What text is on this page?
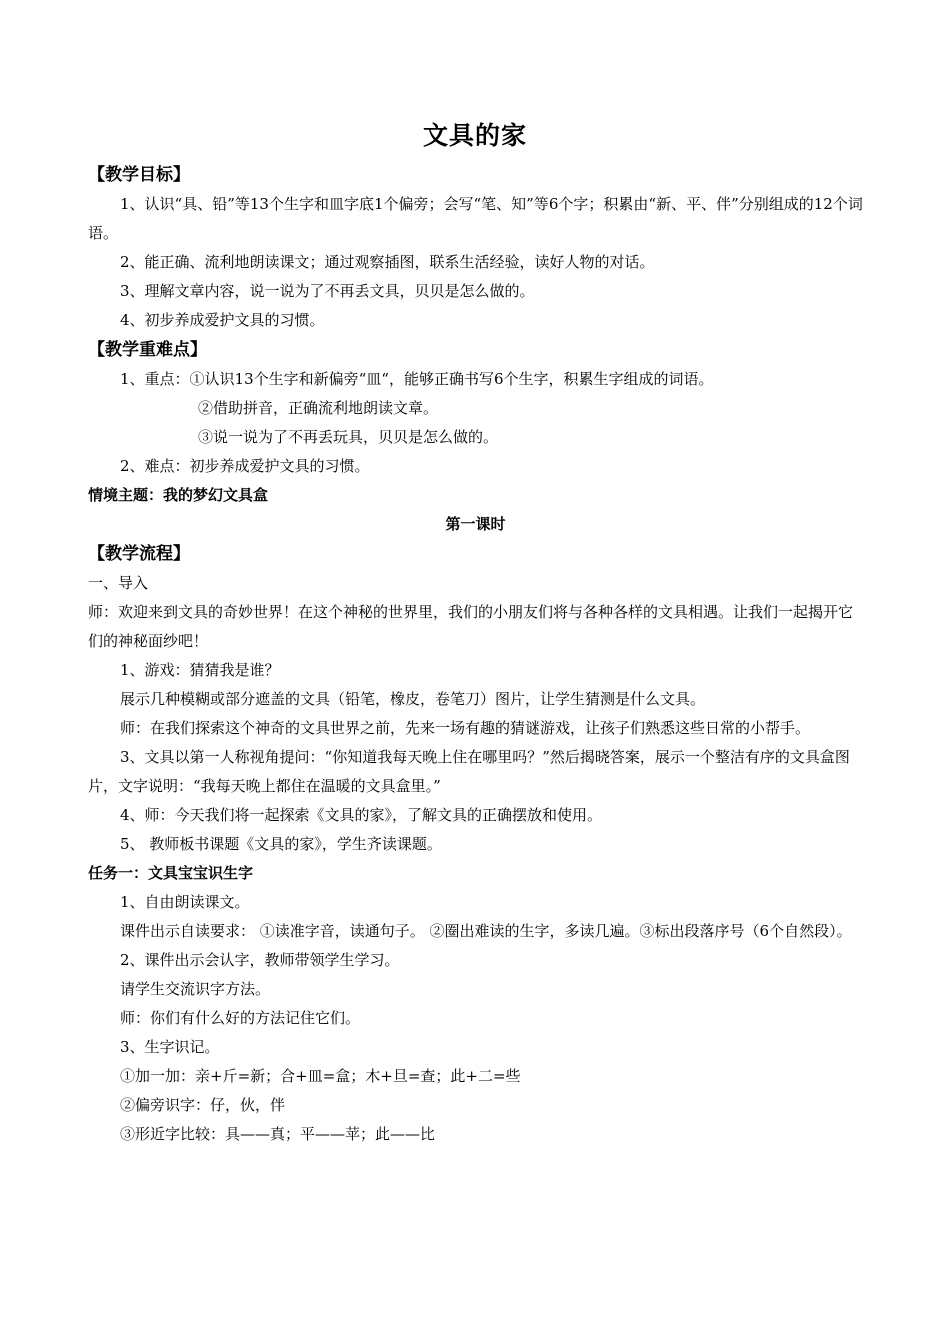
文具的家

【教学目标】

1、认识“具、铅”等13个生字和皿字底1个偏旁；会写“笔、知”等6个字；积累由“新、平、伴”分别组成的12个词语。

2、能正确、流利地朗读课文；通过观察插图，联系生活经验，读好人物的对话。

3、理解文章内容，说一说为了不再丢文具，贝贝是怎么做的。

4、初步养成爱护文具的习惯。

【教学重难点】

1、重点：①认识13个生字和新偏旁“皿“，能够正确书写6个生字，积累生字组成的词语。

②借助拼音，正确流利地朗读文章。

③说一说为了不再丢玩具，贝贝是怎么做的。

2、难点：初步养成爱护文具的习惯。

情境主题：我的梦幻文具盒

第一课时

【教学流程】

一、导入

师：欢迎来到文具的奇妙世界！在这个神秘的世界里，我们的小朋友们将与各种各样的文具相遇。让我们一起揭开它们的神秘面纱吧！

1、游戏：猜猜我是谁？

展示几种模糊或部分遮盖的文具（铅笔，橡皮，卷笔刀）图片，让学生猜测是什么文具。

师：在我们探索这个神奇的文具世界之前，先来一场有趣的猜谜游戏，让孩子们熟悉这些日常的小帮手。

3、文具以第一人称视角提问：“你知道我每天晚上住在哪里吗？”然后揭晓答案，展示一个整洁有序的文具盒图片，文字说明：“我每天晚上都住在温暖的文具盒里。”

4、师：今天我们将一起探索《文具的家》，了解文具的正确摆放和使用。

5、 教师板书课题《文具的家》，学生齐读课题。

任务一：文具宝宝识生字

1、自由朗读课文。

课件出示自读要求： ①读准字音，读通句子。 ②圈出难读的生字，多读几遍。③标出段落序号（6个自然段）。

2、课件出示会认字，教师带领学生学习。

请学生交流识字方法。

师：你们有什么好的方法记住它们。

3、生字识记。

①加一加：亲+斤=新；合+皿=盒；木+旦=查；此+二=些

②偏旁识字：仔，伙，伴

③形近字比较：具——真；平——苹；此——比
